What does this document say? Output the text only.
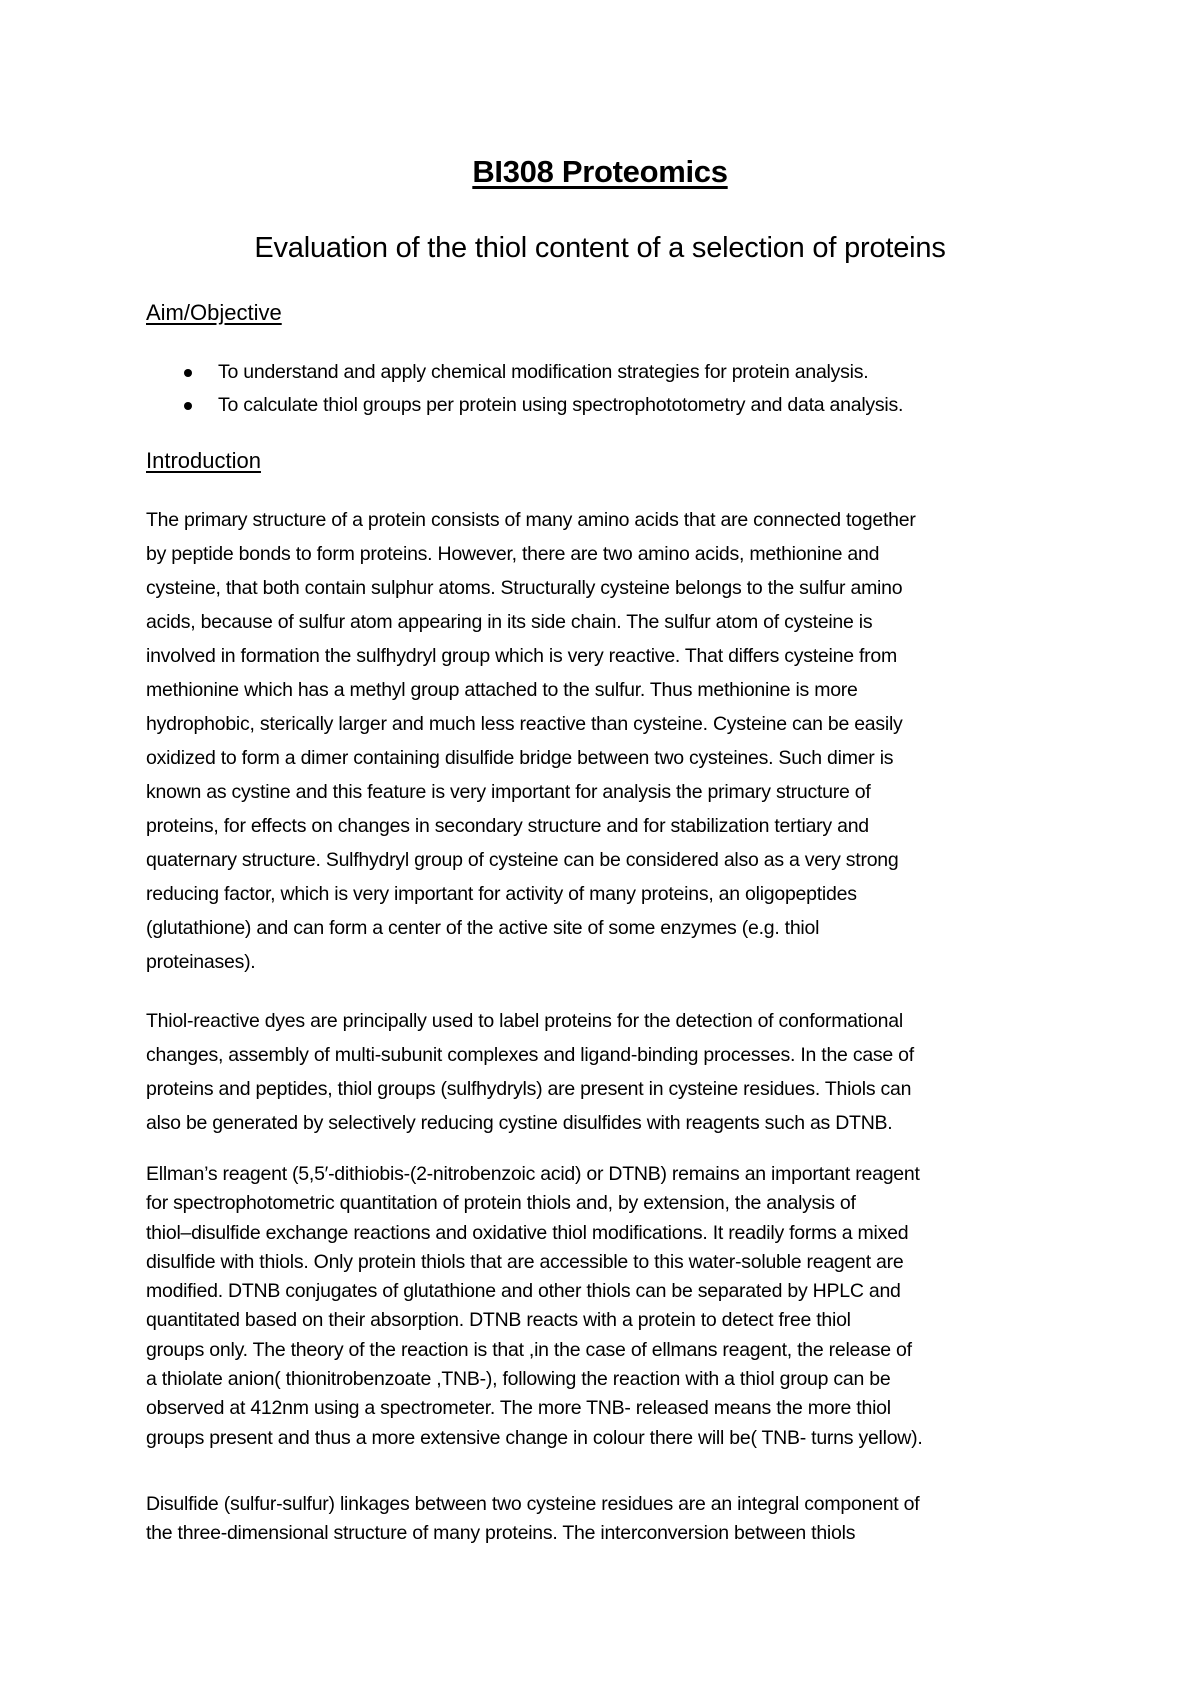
BI308 Proteomics
Evaluation of the thiol content of a selection of proteins
Aim/Objective
To understand and apply chemical modification strategies for protein analysis.
To calculate thiol groups per protein using spectrophototometry and data analysis.
Introduction
The primary structure of a protein consists of many amino acids that are connected together
by peptide bonds to form proteins. However, there are two amino acids, methionine and
cysteine, that both contain sulphur atoms. Structurally cysteine belongs to the sulfur amino
acids, because of sulfur atom appearing in its side chain. The sulfur atom of cysteine is
involved in formation the sulfhydryl group which is very reactive. That differs cysteine from
methionine which has a methyl group attached to the sulfur. Thus methionine is more
hydrophobic, sterically larger and much less reactive than cysteine. Cysteine can be easily
oxidized to form a dimer containing disulfide bridge between two cysteines. Such dimer is
known as cystine and this feature is very important for analysis the primary structure of
proteins, for effects on changes in secondary structure and for stabilization tertiary and
quaternary structure. Sulfhydryl group of cysteine can be considered also as a very strong
reducing factor, which is very important for activity of many proteins, an oligopeptides
(glutathione) and can form a center of the active site of some enzymes (e.g. thiol
proteinases).
Thiol-reactive dyes are principally used to label proteins for the detection of conformational
changes, assembly of multi-subunit complexes and ligand-binding processes. In the case of
proteins and peptides, thiol groups (sulfhydryls) are present in cysteine residues. Thiols can
also be generated by selectively reducing cystine disulfides with reagents such as DTNB.
Ellman’s reagent (5,5′-dithiobis-(2-nitrobenzoic acid) or DTNB) remains an important reagent
for spectrophotometric quantitation of protein thiols and, by extension, the analysis of
thiol–disulfide exchange reactions and oxidative thiol modifications. It readily forms a mixed
disulfide with thiols. Only protein thiols that are accessible to this water-soluble reagent are
modified. DTNB conjugates of glutathione and other thiols can be separated by HPLC and
quantitated based on their absorption. DTNB reacts with a protein to detect free thiol
groups only. The theory of the reaction is that ,in the case of ellmans reagent, the release of
a thiolate anion( thionitrobenzoate ,TNB-), following the reaction with a thiol group can be
observed at 412nm using a spectrometer. The more TNB- released means the more thiol
groups present and thus a more extensive change in colour there will be( TNB- turns yellow).
Disulfide (sulfur-sulfur) linkages between two cysteine residues are an integral component of
the three-dimensional structure of many proteins. The interconversion between thiols
